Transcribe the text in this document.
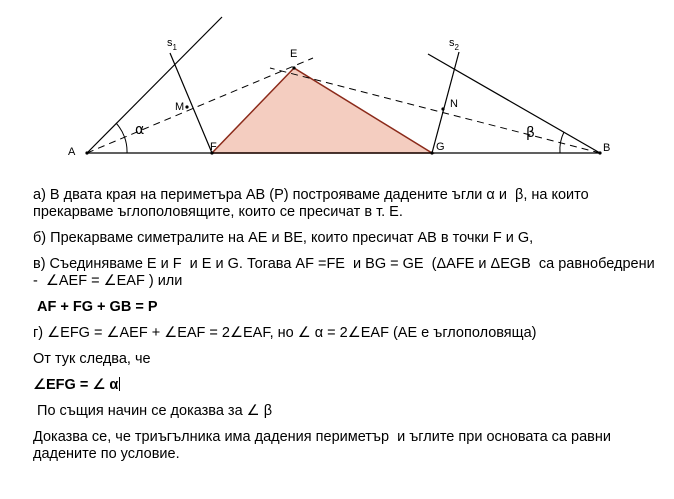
A	B
E
F	G
M	N
$s_1$	$s_2$
α	β

а) В двата края на периметъра АВ (Р) построяваме дадените ъгли α и  β, на които прекарваме ъглополовящите, които се пресичат в т. Е.

б) Прекарваме симетралите на АЕ и ВЕ, които пресичат АВ в точки F и G,

в) Съединяваме Е и F  и Е и G. Тогава AF =FE  и BG = GE  (ΔAFE и ΔEGB  са равнобедрени -  ∠AEF = ∠EAF ) или

AF + FG + GB = P

г) ∠EFG = ∠AEF + ∠EAF = 2∠EAF, но ∠ α = 2∠EAF (AE е ъглополовяща)

От тук следва, че

∠EFG = ∠ α

По същия начин се доказва за ∠ β

Доказва се, че триъгълника има дадения периметър  и ъглите при основата са равни дадените по условие.
